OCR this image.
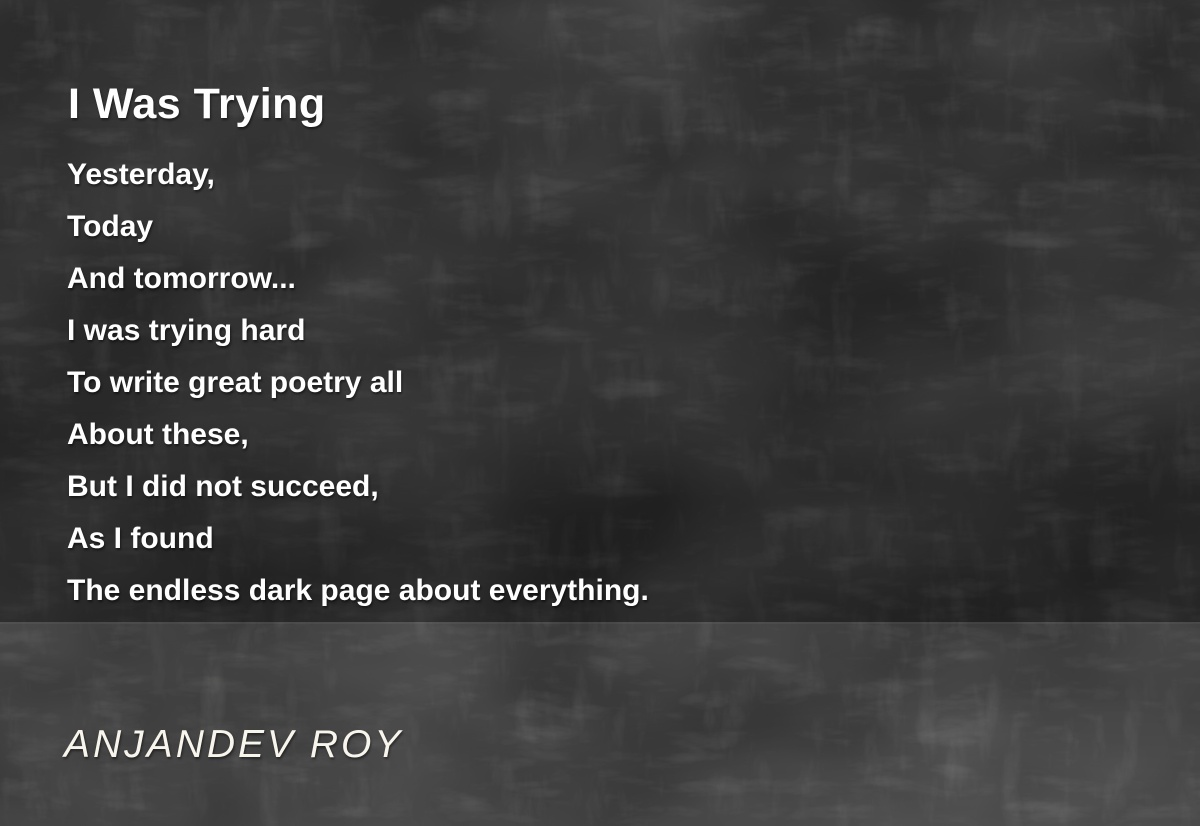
I Was Trying
Yesterday,
Today
And tomorrow...
I was trying hard
To write great poetry all
About these,
But I did not succeed,
As I found
The endless dark page about everything.
ANJANDEV ROY
